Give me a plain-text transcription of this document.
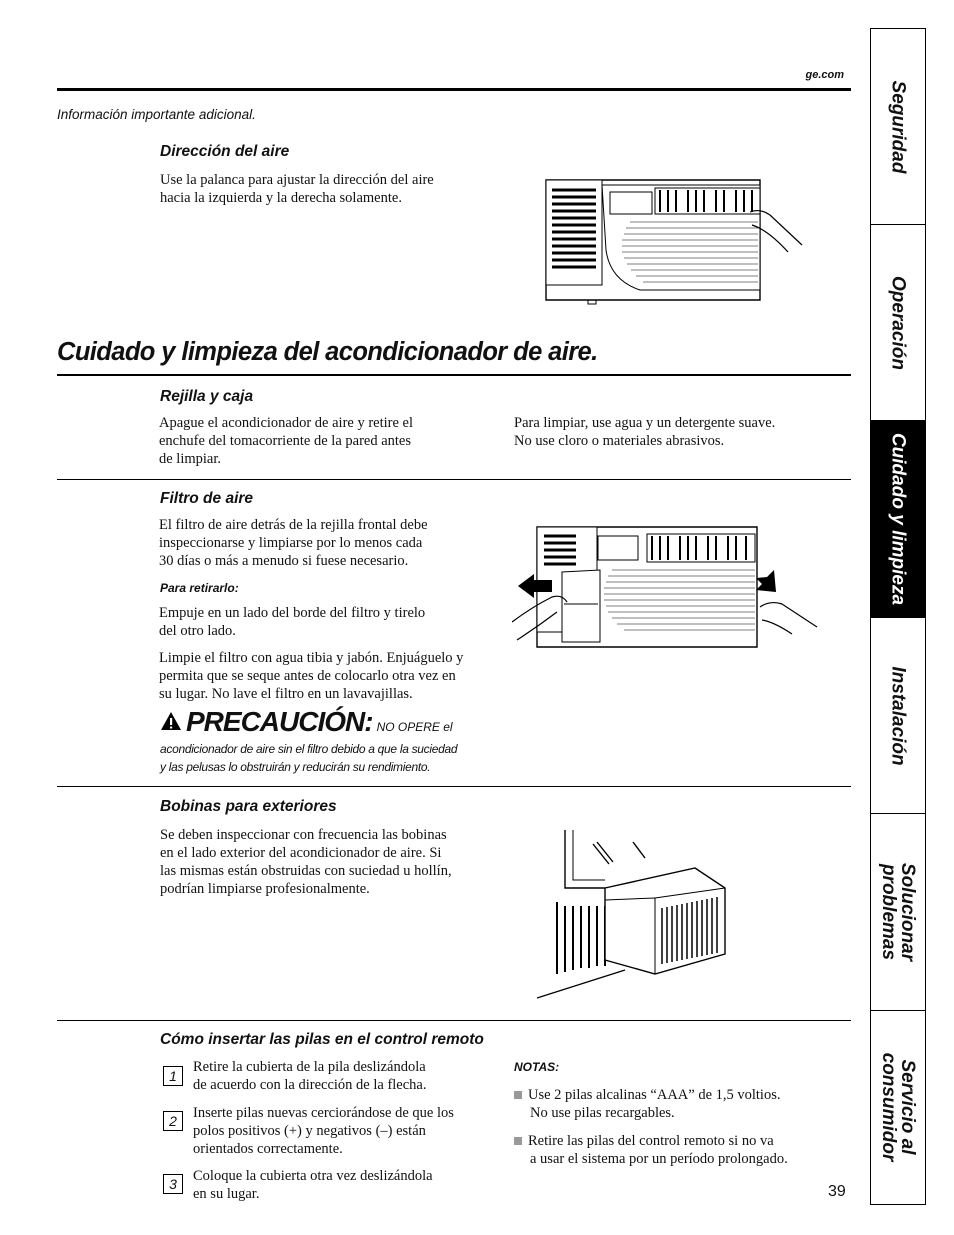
ge.com
Información importante adicional.
Dirección del aire
Use la palanca para ajustar la dirección del aire
hacia la izquierda y la derecha solamente.
Cuidado y limpieza del acondicionador de aire.
Rejilla y caja
Apague el acondicionador de aire y retire el
enchufe del tomacorriente de la pared antes
de limpiar.
Para limpiar, use agua y un detergente suave.
No use cloro o materiales abrasivos.
Filtro de aire
El filtro de aire detrás de la rejilla frontal debe
inspeccionarse y limpiarse por lo menos cada
30 días o más a menudo si fuese necesario.
Para retirarlo:
Empuje en un lado del borde del filtro y tirelo
del otro lado.
Limpie el filtro con agua tibia y jabón. Enjuáguelo y
permita que se seque antes de colocarlo otra vez en
su lugar. No lave el filtro en un lavavajillas.
PRECAUCIÓN: NO OPERE el
acondicionador de aire sin el filtro debido a que la suciedad
y las pelusas lo obstruirán y reducirán su rendimiento.
Bobinas para exteriores
Se deben inspeccionar con frecuencia las bobinas
en el lado exterior del acondicionador de aire. Si
las mismas están obstruidas con suciedad u hollín,
podrían limpiarse profesionalmente.
Cómo insertar las pilas en el control remoto
1
Retire la cubierta de la pila deslizándola
de acuerdo con la dirección de la flecha.
2	Inserte pilas nuevas cerciorándose de que los
polos positivos (+) y negativos (–) están
orientados correctamente.
3	Coloque la cubierta otra vez deslizándola
en su lugar.
NOTAS:
Use 2 pilas alcalinas “AAA” de 1,5 voltios.
No use pilas recargables.
Retire las pilas del control remoto si no va
a usar el sistema por un período prolongado.
39
Seguridad
Operación
Cuidado y limpieza
Instalación
Solucionar
problemas
Servicio al
consumidor
